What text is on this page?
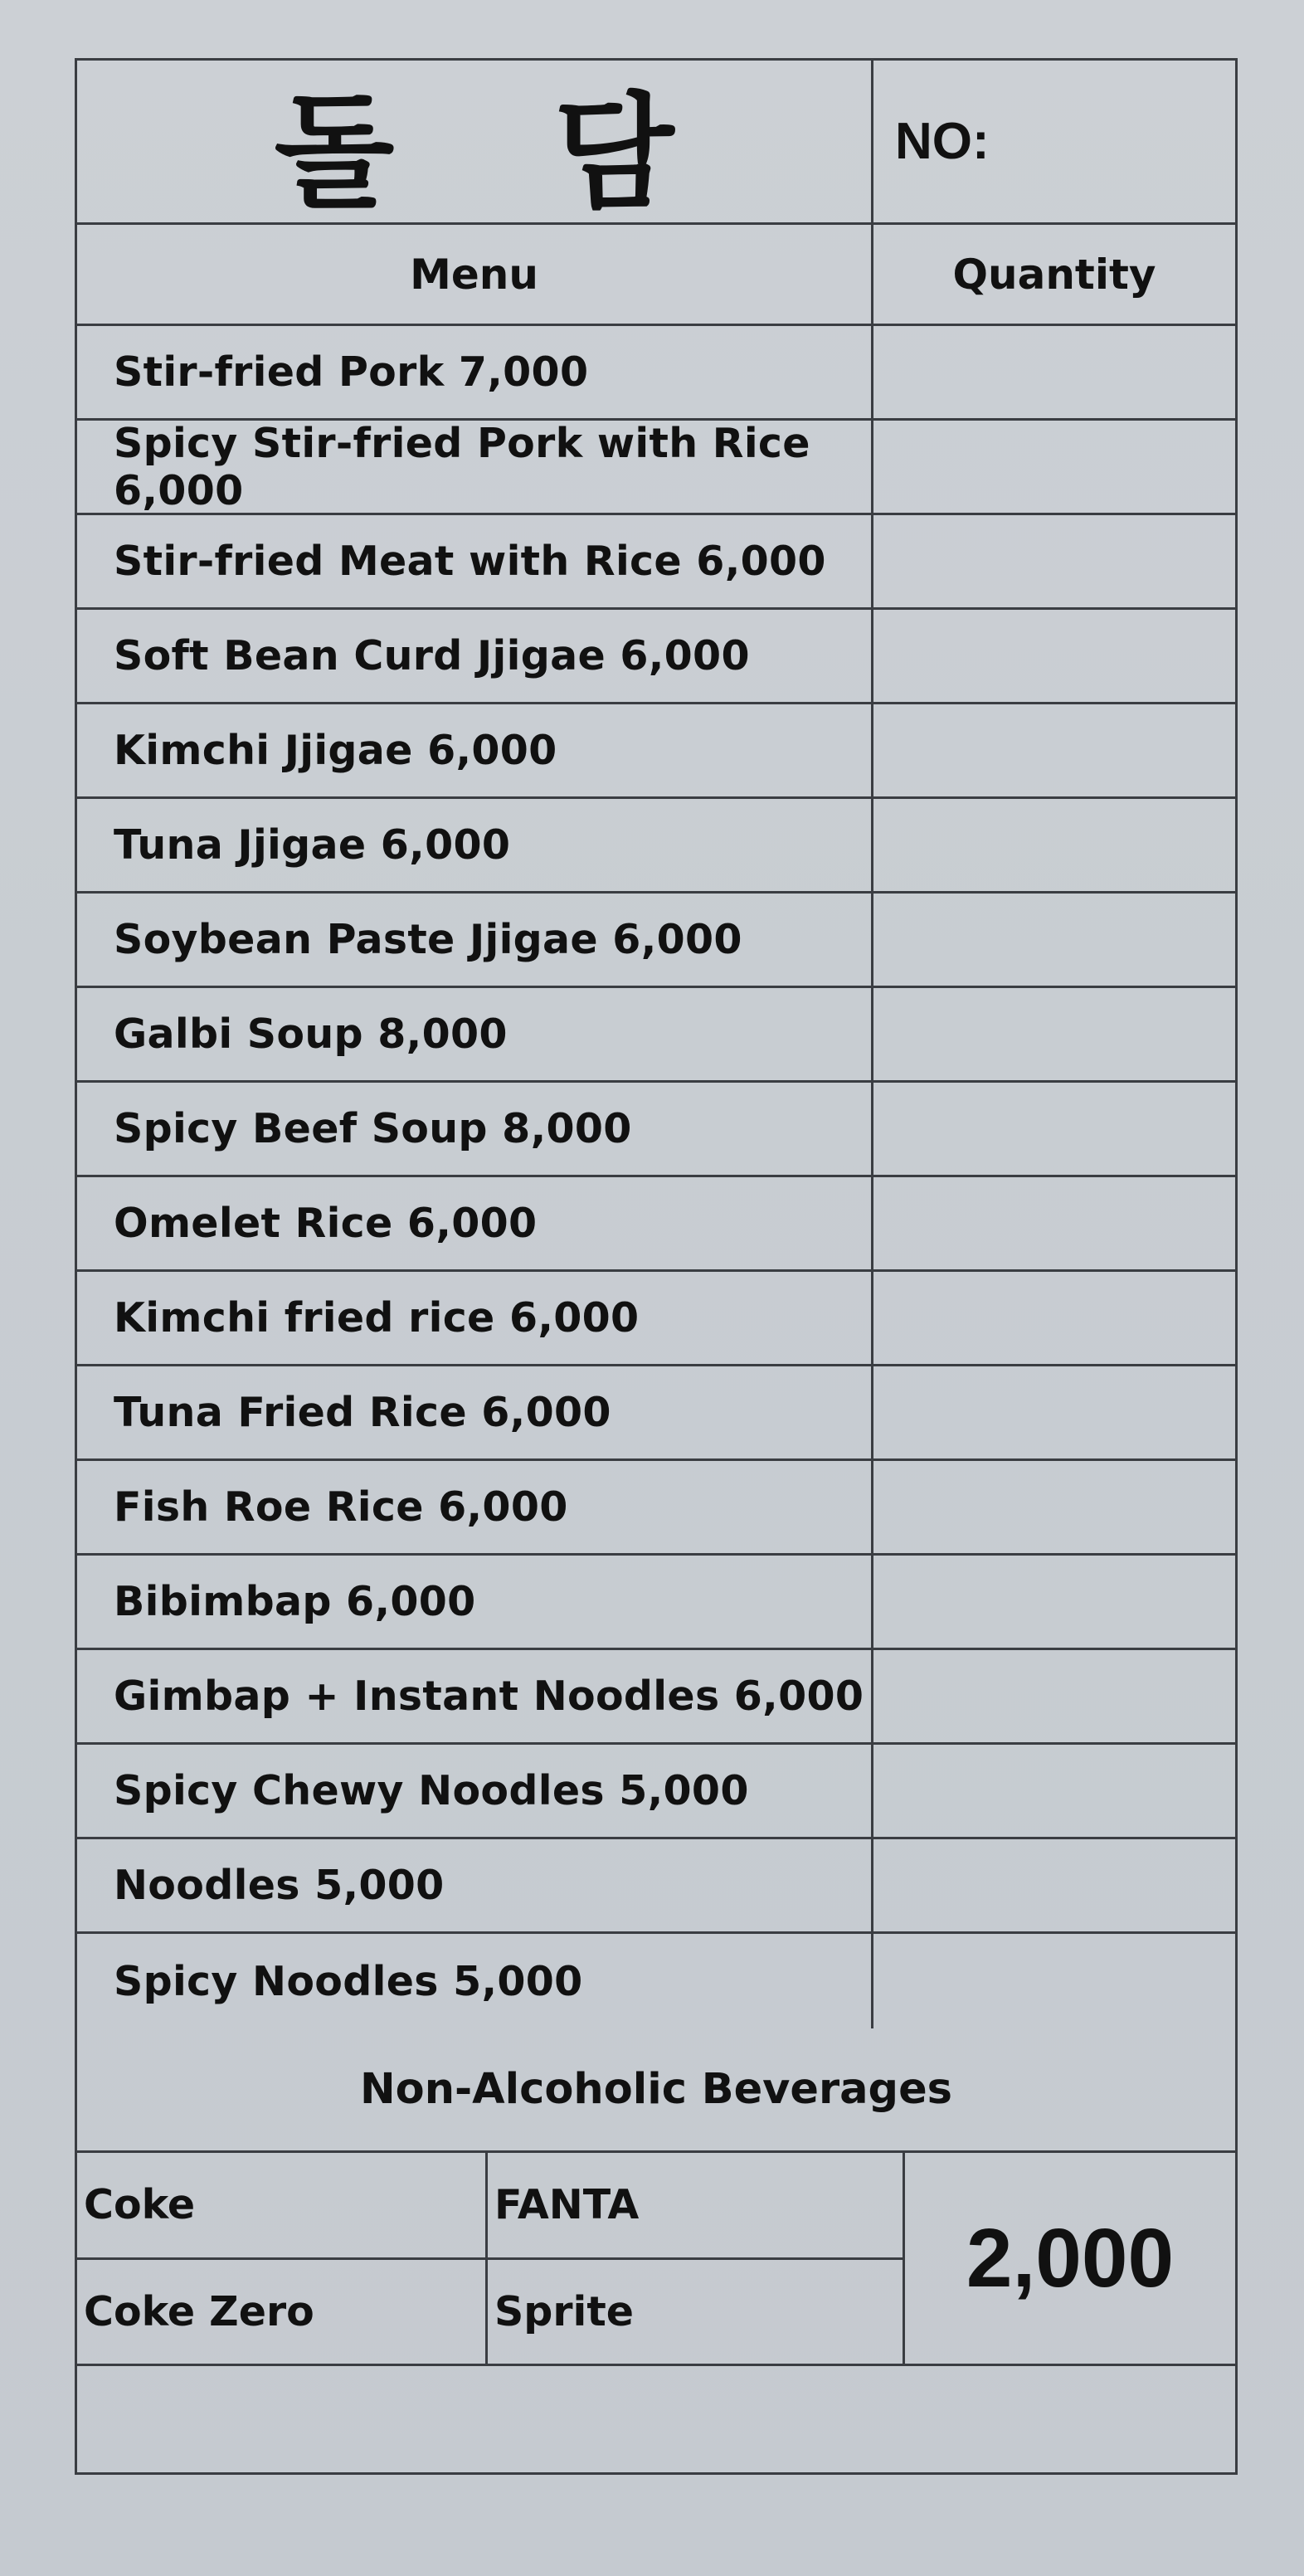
돌 담	NO:
Menu	Quantity
Stir-fried Pork 7,000
Spicy Stir-fried Pork with Rice 6,000
Stir-fried Meat with Rice 6,000
Soft Bean Curd Jjigae 6,000
Kimchi Jjigae 6,000
Tuna Jjigae 6,000
Soybean Paste Jjigae 6,000
Galbi Soup 8,000
Spicy Beef Soup 8,000
Omelet Rice 6,000
Kimchi fried rice 6,000
Tuna Fried Rice 6,000
Fish Roe Rice 6,000
Bibimbap 6,000
Gimbap + Instant Noodles 6,000
Spicy Chewy Noodles 5,000
Noodles 5,000
Spicy Noodles 5,000
Non-Alcoholic Beverages
Coke	FANTA
Coke Zero	Sprite
2,000
